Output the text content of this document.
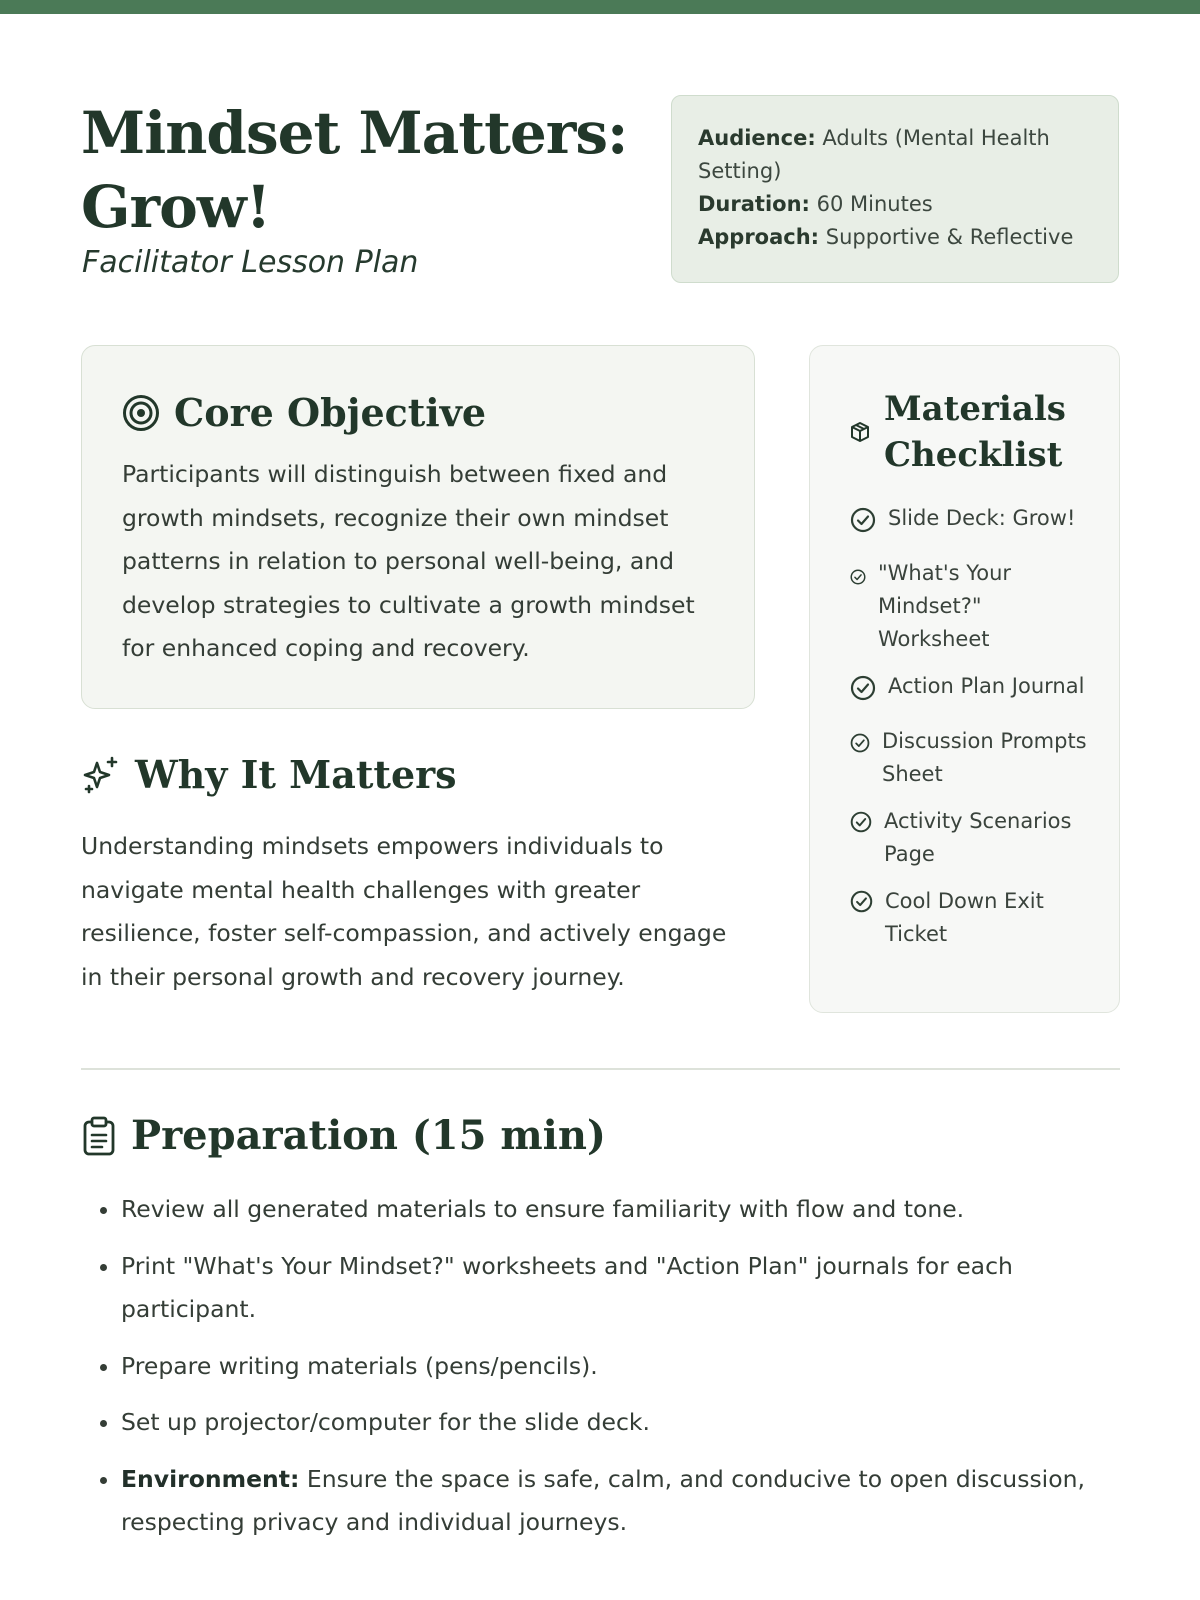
Mindset Matters: Grow!
Facilitator Lesson Plan
Audience: Adults (Mental Health Setting)
Duration: 60 Minutes
Approach: Supportive & Reflective
Core Objective
Participants will distinguish between fixed and growth mindsets, recognize their own mindset patterns in relation to personal well-being, and develop strategies to cultivate a growth mindset for enhanced coping and recovery.
Why It Matters
Understanding mindsets empowers individuals to navigate mental health challenges with greater resilience, foster self-compassion, and actively engage in their personal growth and recovery journey.
Materials Checklist
Slide Deck: Grow!
"What's Your Mindset?" Worksheet
Action Plan Journal
Discussion Prompts Sheet
Activity Scenarios Page
Cool Down Exit Ticket
Preparation (15 min)
• Review all generated materials to ensure familiarity with flow and tone.
• Print "What's Your Mindset?" worksheets and "Action Plan" journals for each participant.
• Prepare writing materials (pens/pencils).
• Set up projector/computer for the slide deck.
• Environment: Ensure the space is safe, calm, and conducive to open discussion, respecting privacy and individual journeys.
